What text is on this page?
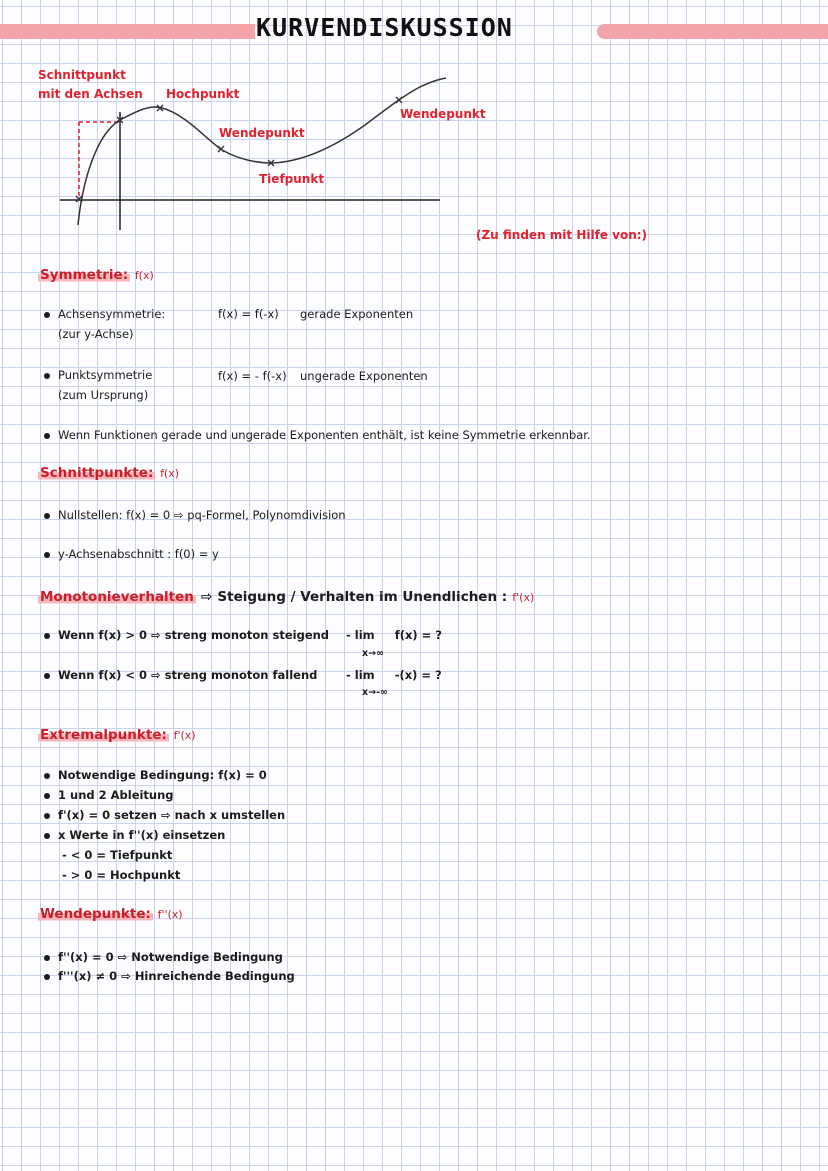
KURVENDISKUSSION
Schnittpunkt
mit den Achsen Hochpunkt
Wendepunkt
Tiefpunkt
Wendepunkt
(Zu finden mit Hilfe von:)
Symmetrie: f(x)
Achsensymmetrie:
(zur y-Achse)
f(x) = f(-x) gerade Exponenten
Punktsymmetrie
(zum Ursprung)
f(x) = - f(-x) ungerade Exponenten
Wenn Funktionen gerade und ungerade Exponenten enthält, ist keine Symmetrie erkennbar.
Schnittpunkte: f(x)
Nullstellen: f(x) = 0 ⇨ pq-Formel, Polynomdivision
y-Achsenabschnitt : f(0) = y
Monotonieverhalten ⇨ Steigung / Verhalten im Unendlichen : f'(x)
Wenn f(x) > 0 ⇨ streng monoton steigend
Wenn f(x) < 0 ⇨ streng monoton fallend
- lim f(x) = ?
x→∞
- lim -(x) = ?
x→-∞
Extremalpunkte: f'(x)
Notwendige Bedingung: f(x) = 0
1 und 2 Ableitung
f'(x) = 0 setzen ⇨ nach x umstellen
x Werte in f''(x) einsetzen
- < 0 = Tiefpunkt
- > 0 = Hochpunkt
Wendepunkte: f''(x)
f''(x) = 0 ⇨ Notwendige Bedingung
f'''(x) ≠ 0 ⇨ Hinreichende Bedingung
